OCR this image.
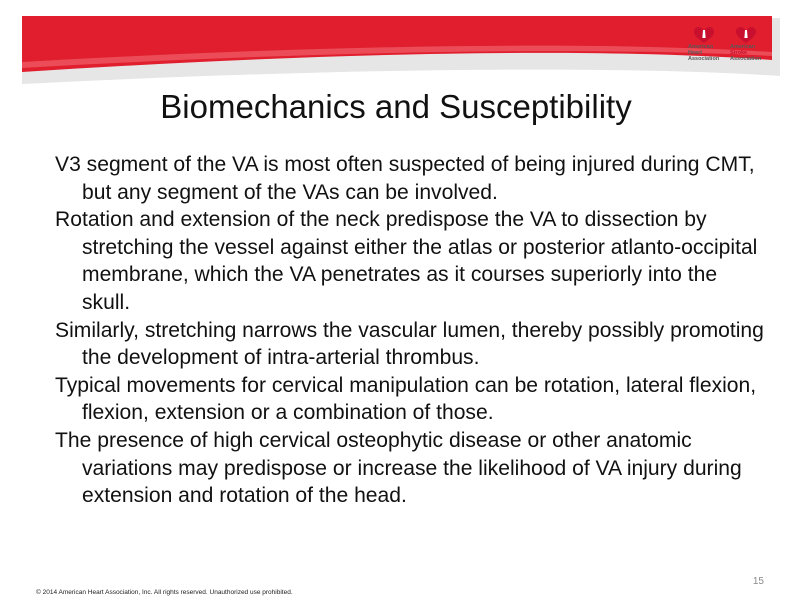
American
Heart
Association
American
Stroke
Association
Biomechanics and Susceptibility
V3 segment of the VA is most often suspected of being injured during CMT, but any segment of the VAs can be involved.
Rotation and extension of the neck predispose the VA to dissection by stretching the vessel against either the atlas or posterior atlanto-occipital membrane, which the VA penetrates as it courses superiorly into the skull.
Similarly, stretching narrows the vascular lumen, thereby possibly promoting the development of intra-arterial thrombus.
Typical movements for cervical manipulation can be rotation, lateral flexion, flexion, extension or a combination of those.
The presence of high cervical osteophytic disease or other anatomic variations may predispose or increase the likelihood of VA injury during extension and rotation of the head.
© 2014 American Heart Association, Inc. All rights reserved. Unauthorized use prohibited.
15
